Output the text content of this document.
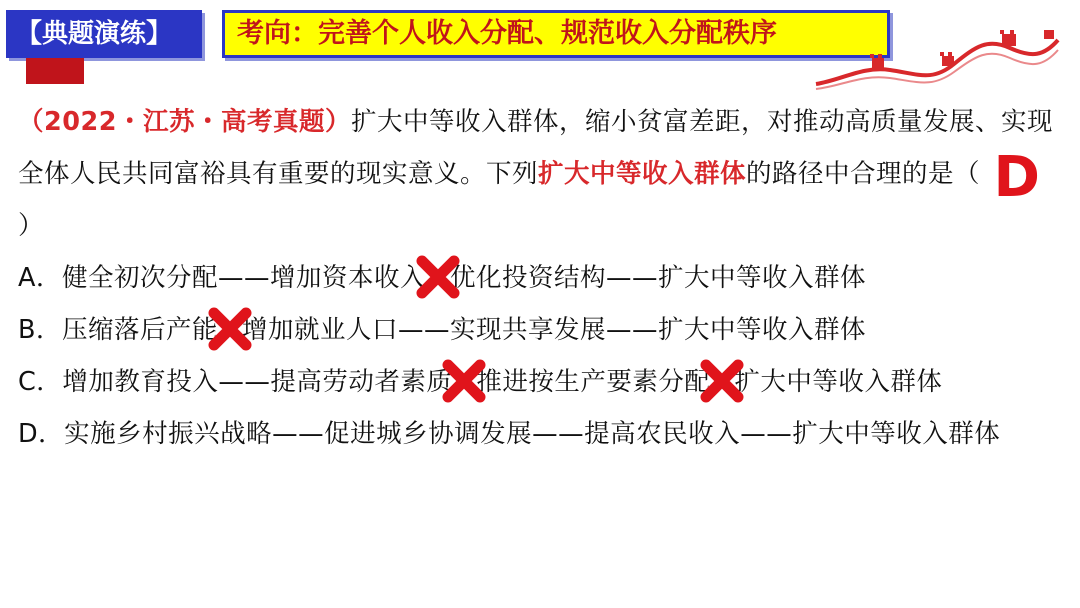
【典题演练】	考向：完善个人收入分配、规范收入分配秩序
（2022・江苏・高考真题）扩大中等收入群体，缩小贫富差距，对推动高质量发展、实现全体人民共同富裕具有重要的现实意义。下列扩大中等收入群体的路径中合理的是（ D）
A．健全初次分配——增加资本收入 优化投资结构——扩大中等收入群体
B．压缩落后产能 增加就业人口——实现共享发展——扩大中等收入群体
C．增加教育投入——提高劳动者素质 推进按生产要素分配 扩大中等收入群体
D．实施乡村振兴战略——促进城乡协调发展——提高农民收入——扩大中等收入群体
